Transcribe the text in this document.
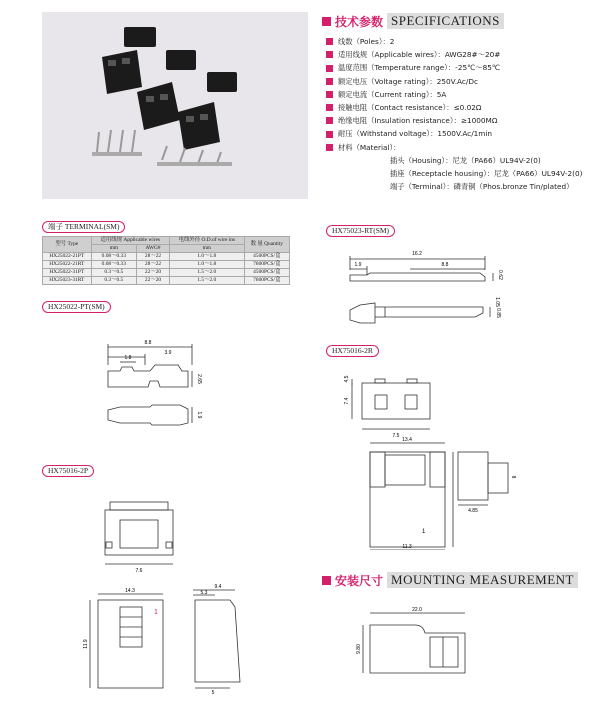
技术参数 SPECIFICATIONS
线数（Poles）：2
适用线规（Applicable wires）：AWG28#～20#
温度范围（Temperature range）：-25℃～85℃
额定电压（Voltage rating）：250V.Ac/Dc
额定电流（Current rating）：5A
接触电阻（Contact resistance）：≤0.02Ω
绝缘电阻（Insulation resistance）：≥1000MΩ
耐压（Withstand voltage）：1500V.Ac/1min
材料（Material）：
插头（Housing）：尼龙（PA66）UL94V-2(0)
插座（Receptacle housing）：尼龙（PA66）UL94V-2(0)
端子（Terminal）：磷青铜（Phos.bronze Tin/plated）
端子 TERMINAL(SM)
型号 Type	适用线规 Applicable wires		电线外径 O.D.of wire ins	数 量 Quantity
	mm	AWG#	mm	
HX25022-21PT	0.08～0.33	28～22	1.0～1.8	4500PCS/盒
HX25022-21RT	0.08～0.33	28～22	1.0～1.8	7800PCS/盒
HX25022-31PT	0.3～0.5	22～20	1.5～2.0	4500PCS/盒
HX25023-31RT	0.3～0.5	22～20	1.5～2.0	7800PCS/盒
HX25022-PT(SM)
HX75016-2P
HX75023-RT(SM)
HX75016-2R
安装尺寸 MOUNTING MEASUREMENT
8.8
3.9
1.8
2.65
1.9
16.2
8.8
1.9
0.62
1.05
0.85
7.5
7.4
4.5
13.4
11.3
4.85
8
1
7.6
14.3
11.9
9.4
5.3
5
1	22.0
9.80
